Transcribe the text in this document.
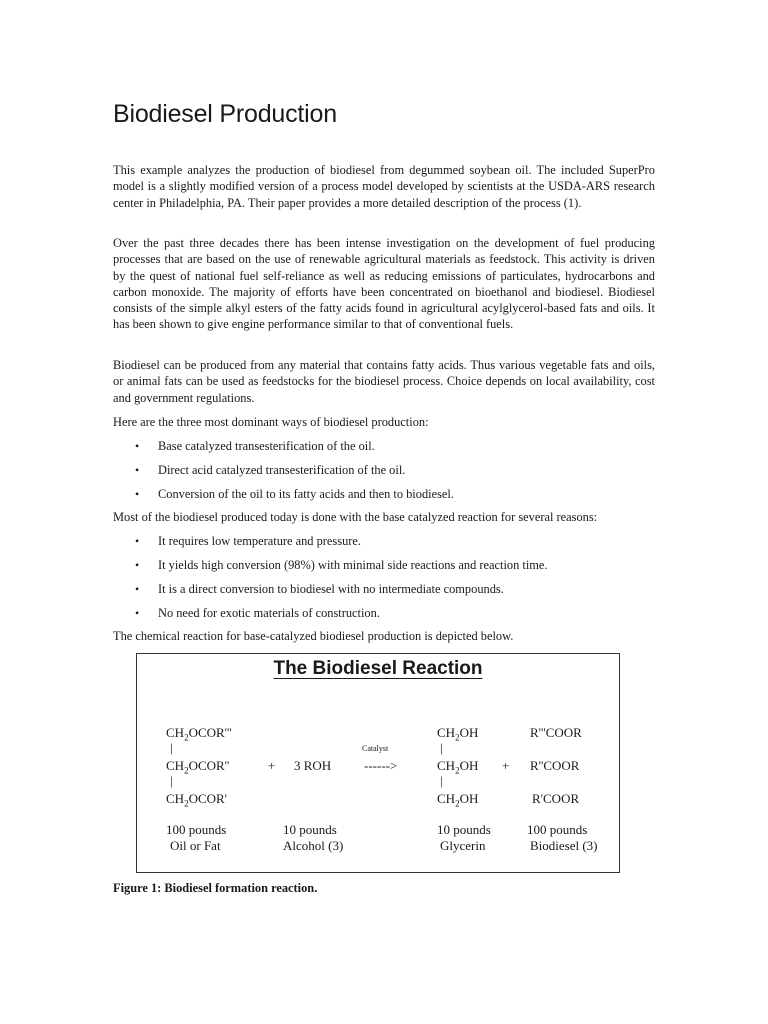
Biodiesel Production

This example analyzes the production of biodiesel from degummed soybean oil. The included SuperPro model is a slightly modified version of a process model developed by scientists at the USDA-ARS research center in Philadelphia, PA. Their paper provides a more detailed description of the process (1).

Over the past three decades there has been intense investigation on the development of fuel producing processes that are based on the use of renewable agricultural materials as feedstock. This activity is driven by the quest of national fuel self-reliance as well as reducing emissions of particulates, hydrocarbons and carbon monoxide. The majority of efforts have been concentrated on bioethanol and biodiesel. Biodiesel consists of the simple alkyl esters of the fatty acids found in agricultural acylglycerol-based fats and oils. It has been shown to give engine performance similar to that of conventional fuels.

Biodiesel can be produced from any material that contains fatty acids. Thus various vegetable fats and oils, or animal fats can be used as feedstocks for the biodiesel process. Choice depends on local availability, cost and government regulations.

Here are the three most dominant ways of biodiesel production:

• Base catalyzed transesterification of the oil.
• Direct acid catalyzed transesterification of the oil.
• Conversion of the oil to its fatty acids and then to biodiesel.

Most of the biodiesel produced today is done with the base catalyzed reaction for several reasons:

• It requires low temperature and pressure.
• It yields high conversion (98%) with minimal side reactions and reaction time.
• It is a direct conversion to biodiesel with no intermediate compounds.
• No need for exotic materials of construction.

The chemical reaction for base-catalyzed biodiesel production is depicted below.

The Biodiesel Reaction
$CH_2OCOR'''$
|
$CH_2OCOR''$
|
$CH_2OCOR'$
+ 3 ROH
Catalyst
------>
$CH_2OH$
|
$CH_2OH$
|
$CH_2OH$
+
R'''COOR
R''COOR
R'COOR
100 pounds	10 pounds	10 pounds	100 pounds
Oil or Fat	Alcohol (3)	Glycerin	Biodiesel (3)

Figure 1: Biodiesel formation reaction.
